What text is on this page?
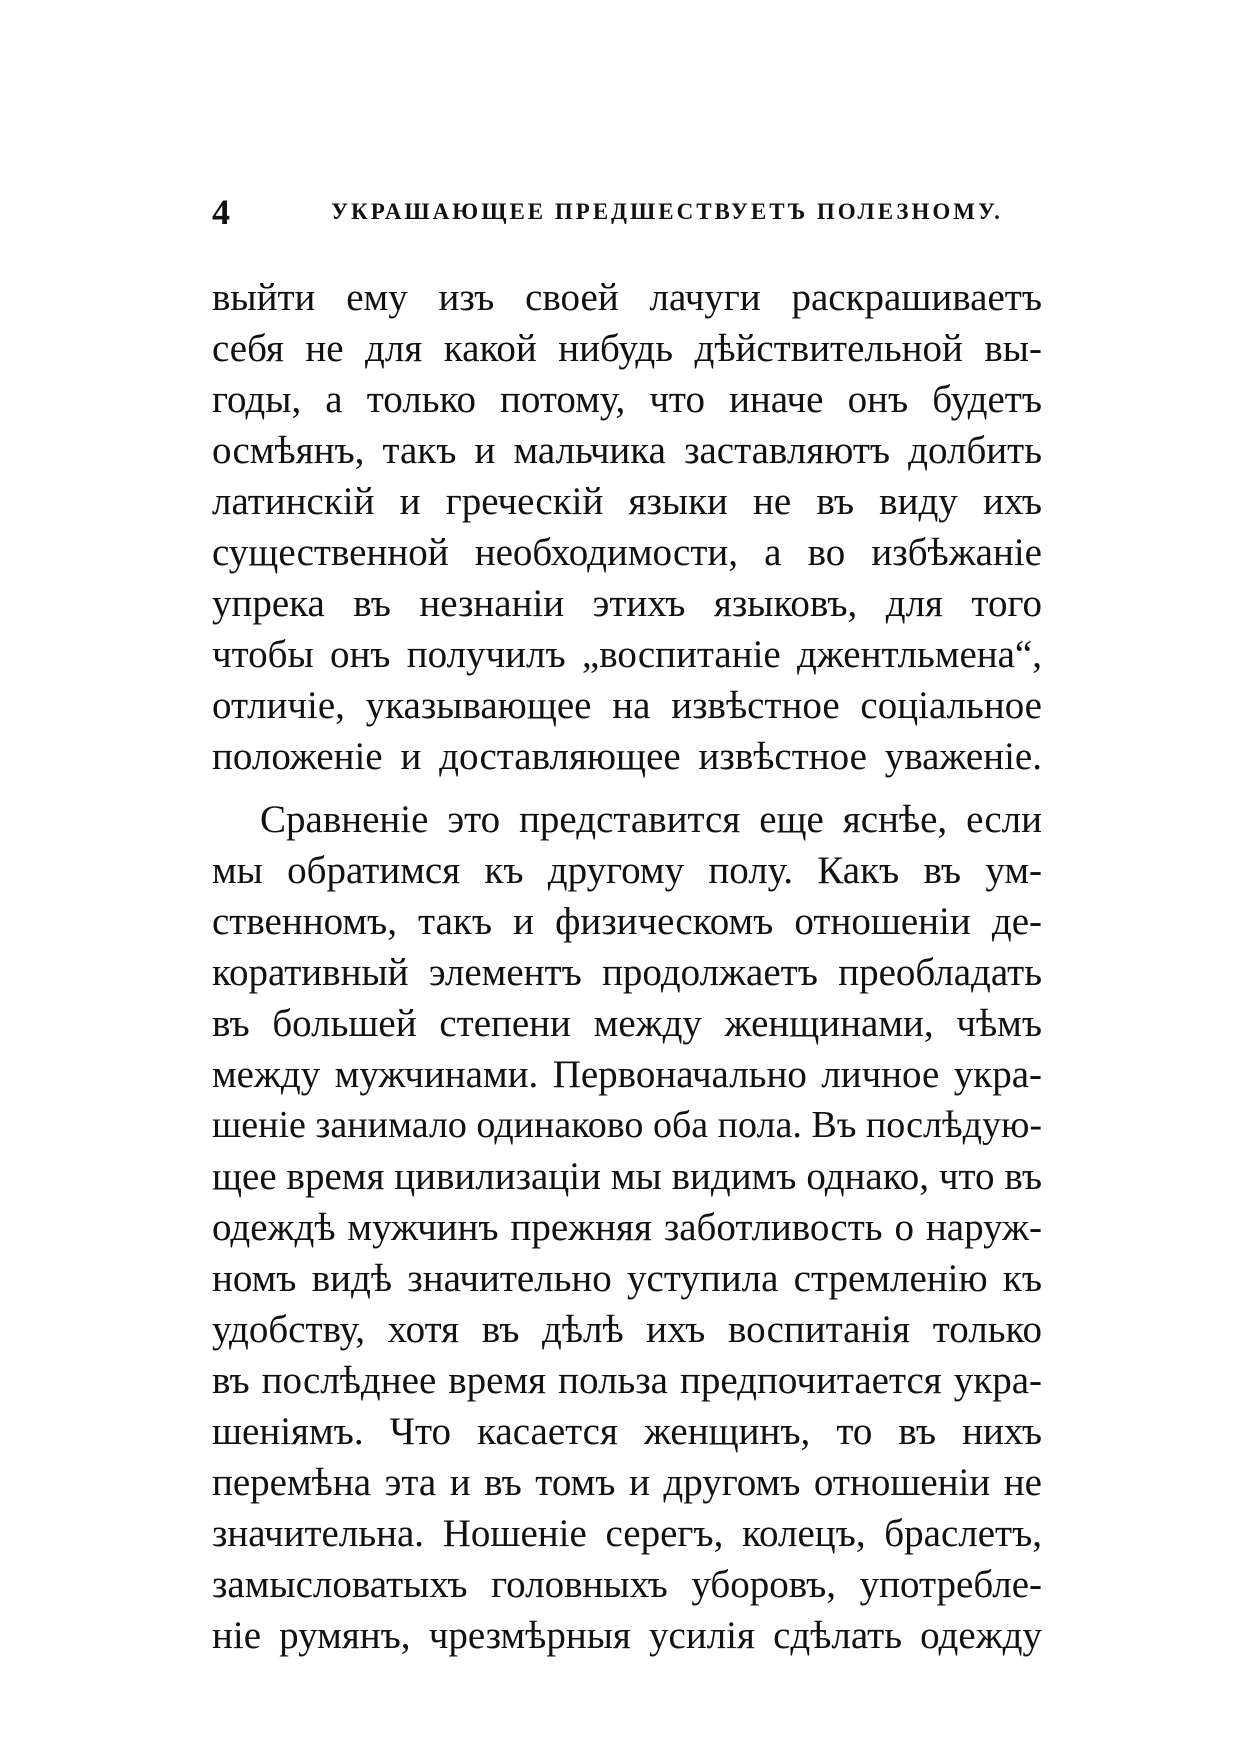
4	УКРАШАЮЩЕЕ ПРЕДШЕСТВУЕТЪ ПОЛЕЗНОМУ.
выйти ему изъ своей лачуги раскрашиваетъ
себя не для какой нибудь дѣйствительной вы-
годы, а только потому, что иначе онъ будетъ
осмѣянъ, такъ и мальчика заставляютъ долбить
латинскій и греческій языки не въ виду ихъ
существенной необходимости, а во избѣжаніе
упрека въ незнаніи этихъ языковъ, для того
чтобы онъ получилъ „воспитаніе джентльмена“,
отличіе, указывающее на извѣстное соціальное
положеніе и доставляющее извѣстное уваженіе.
Сравненіе это представится еще яснѣе, если
мы обратимся къ другому полу. Какъ въ ум-
ственномъ, такъ и физическомъ отношеніи де-
коративный элементъ продолжаетъ преобладать
въ большей степени между женщинами, чѣмъ
между мужчинами. Первоначально личное укра-
шеніе занимало одинаково оба пола. Въ послѣдую-
щее время цивилизаціи мы видимъ однако, что въ
одеждѣ мужчинъ прежняя заботливость о наруж-
номъ видѣ значительно уступила стремленію къ
удобству, хотя въ дѣлѣ ихъ воспитанія только
въ послѣднее время польза предпочитается укра-
шеніямъ. Что касается женщинъ, то въ нихъ
перемѣна эта и въ томъ и другомъ отношеніи не
значительна. Ношеніе серегъ, колецъ, браслетъ,
замысловатыхъ головныхъ уборовъ, употребле-
ніе румянъ, чрезмѣрныя усилія сдѣлать одежду
